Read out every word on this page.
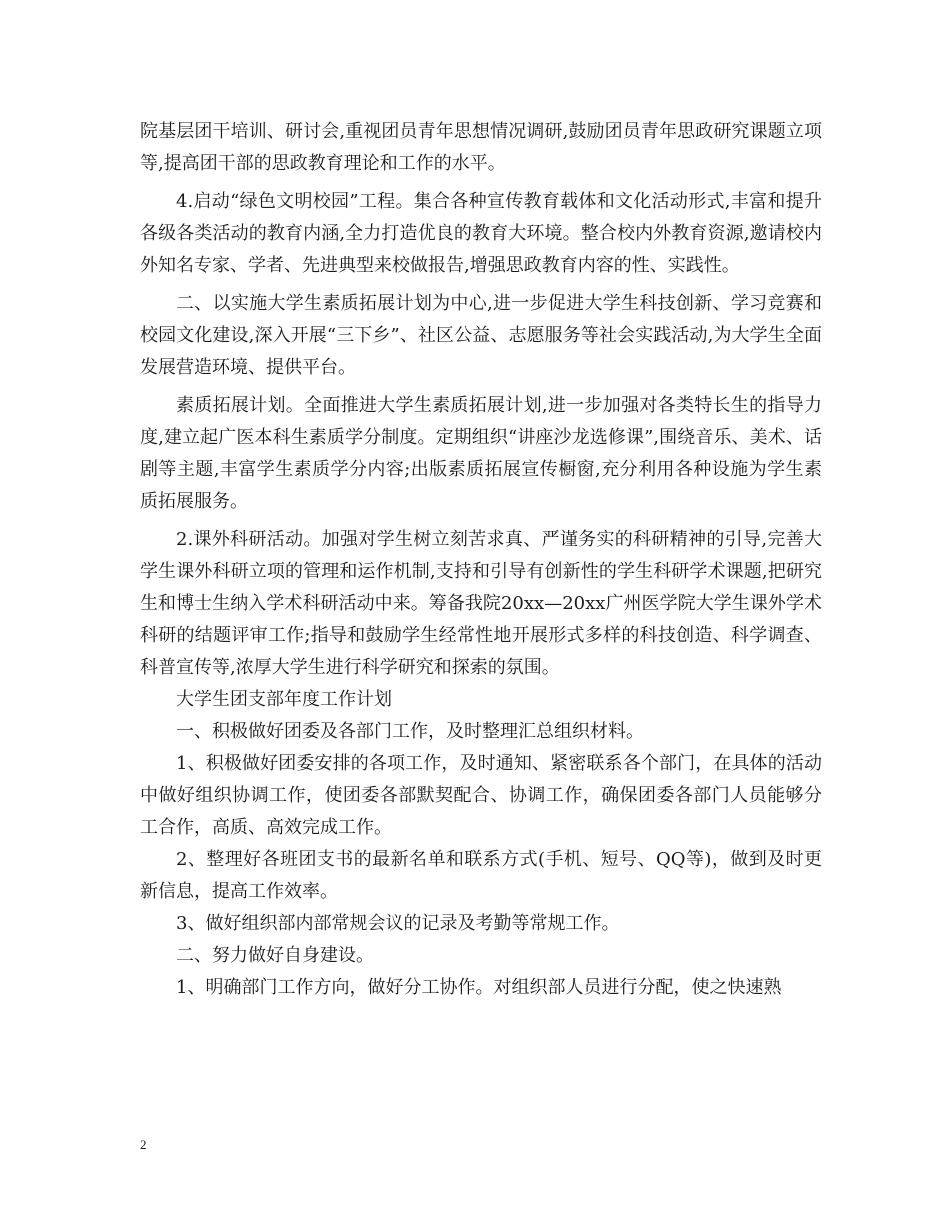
院基层团干培训、研讨会,重视团员青年思想情况调研,鼓励团员青年思政研究课题立项等,提高团干部的思政教育理论和工作的水平。

4.启动“绿色文明校园”工程。集合各种宣传教育载体和文化活动形式,丰富和提升各级各类活动的教育内涵,全力打造优良的教育大环境。整合校内外教育资源,邀请校内外知名专家、学者、先进典型来校做报告,增强思政教育内容的性、实践性。

二、以实施大学生素质拓展计划为中心,进一步促进大学生科技创新、学习竞赛和校园文化建设,深入开展“三下乡”、社区公益、志愿服务等社会实践活动,为大学生全面发展营造环境、提供平台。

素质拓展计划。全面推进大学生素质拓展计划,进一步加强对各类特长生的指导力度,建立起广医本科生素质学分制度。定期组织“讲座沙龙选修课”,围绕音乐、美术、话剧等主题,丰富学生素质学分内容;出版素质拓展宣传橱窗,充分利用各种设施为学生素质拓展服务。

2.课外科研活动。加强对学生树立刻苦求真、严谨务实的科研精神的引导,完善大学生课外科研立项的管理和运作机制,支持和引导有创新性的学生科研学术课题,把研究生和博士生纳入学术科研活动中来。筹备我院20xx—20xx广州医学院大学生课外学术科研的结题评审工作;指导和鼓励学生经常性地开展形式多样的科技创造、科学调查、科普宣传等,浓厚大学生进行科学研究和探索的氛围。

大学生团支部年度工作计划

一、积极做好团委及各部门工作，及时整理汇总组织材料。

1、积极做好团委安排的各项工作，及时通知、紧密联系各个部门，在具体的活动中做好组织协调工作，使团委各部默契配合、协调工作，确保团委各部门人员能够分工合作，高质、高效完成工作。

2、整理好各班团支书的最新名单和联系方式(手机、短号、QQ等)，做到及时更新信息，提高工作效率。

3、做好组织部内部常规会议的记录及考勤等常规工作。

二、努力做好自身建设。

1、明确部门工作方向，做好分工协作。对组织部人员进行分配，使之快速熟

2
